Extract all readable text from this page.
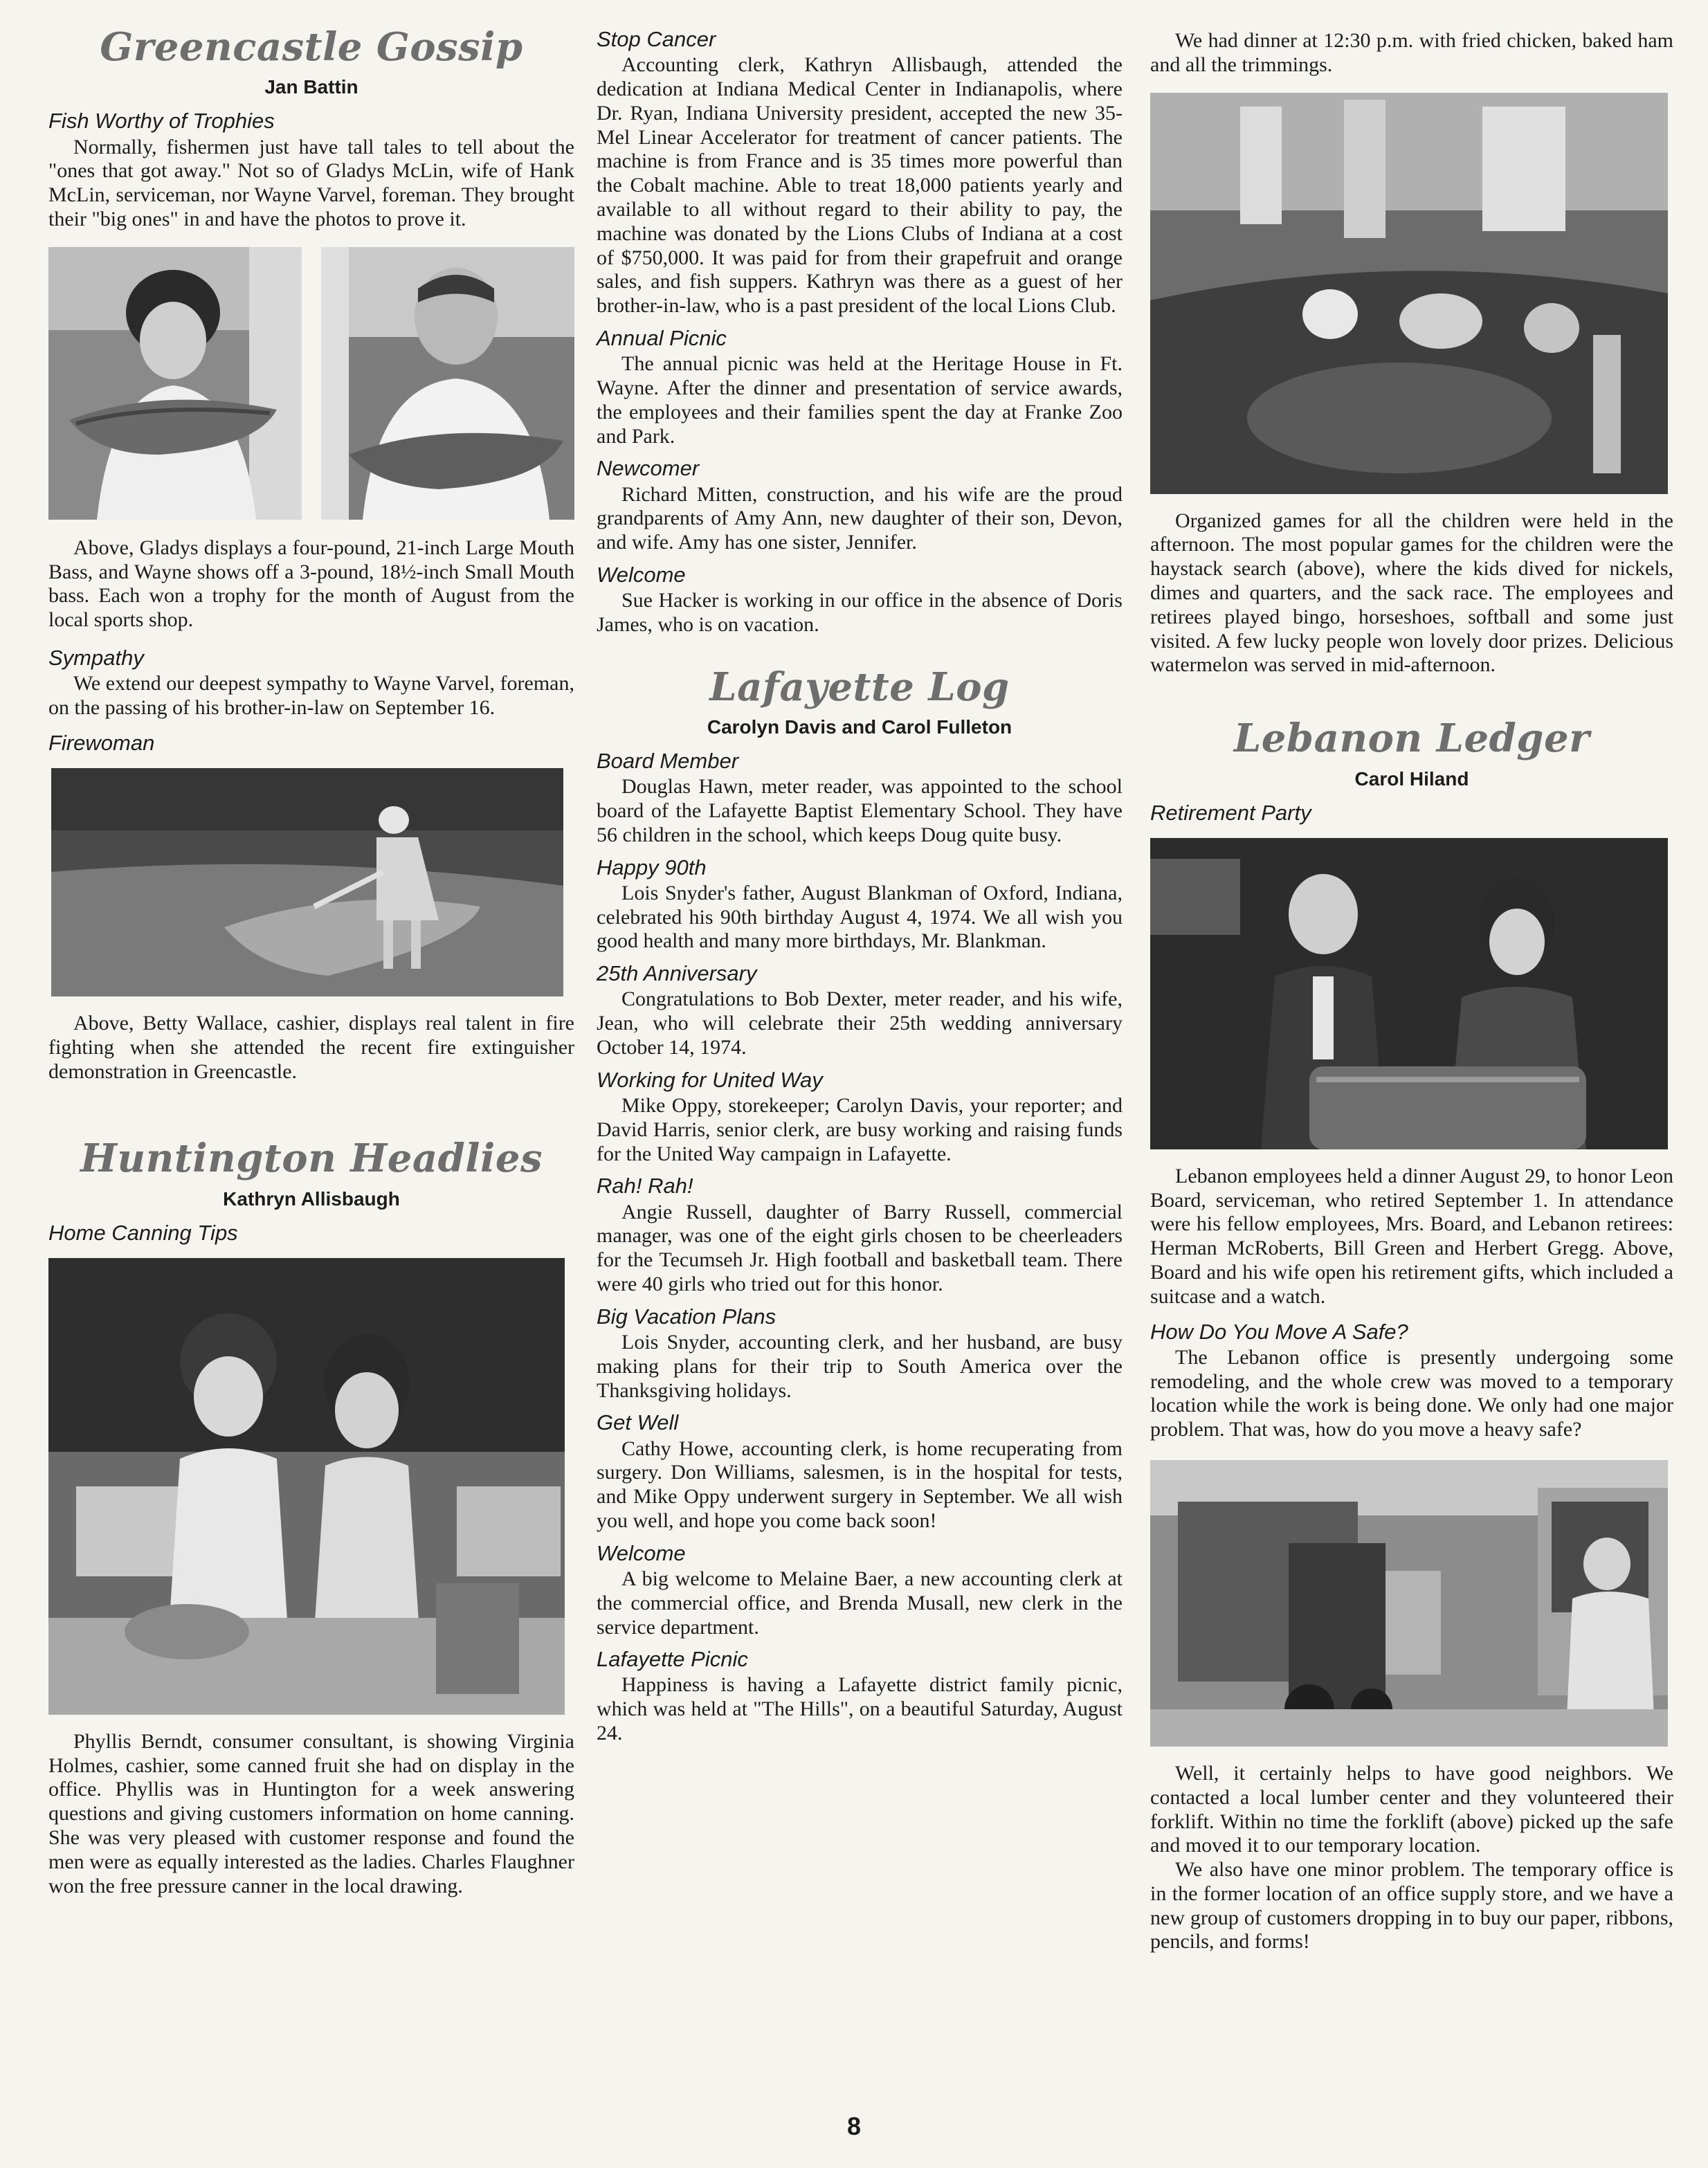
Greencastle Gossip
Jan Battin
Fish Worthy of Trophies

Normally, fishermen just have tall tales to tell about the "ones that got away." Not so of Gladys McLin, wife of Hank McLin, serviceman, nor Wayne Varvel, foreman. They brought their "big ones" in and have the photos to prove it.

Above, Gladys displays a four-pound, 21-inch Large Mouth Bass, and Wayne shows off a 3-pound, 18½-inch Small Mouth bass. Each won a trophy for the month of August from the local sports shop.

Sympathy

We extend our deepest sympathy to Wayne Varvel, foreman, on the passing of his brother-in-law on September 16.

Firewoman

Above, Betty Wallace, cashier, displays real talent in fire fighting when she attended the recent fire extinguisher demonstration in Greencastle.

Huntington Headlies
Kathryn Allisbaugh
Home Canning Tips

Phyllis Berndt, consumer consultant, is showing Virginia Holmes, cashier, some canned fruit she had on display in the office. Phyllis was in Huntington for a week answering questions and giving customers information on home canning. She was very pleased with customer response and found the men were as equally interested as the ladies. Charles Flaughner won the free pressure canner in the local drawing.

Stop Cancer

Accounting clerk, Kathryn Allisbaugh, attended the dedication at Indiana Medical Center in Indianapolis, where Dr. Ryan, Indiana University president, accepted the new 35-Mel Linear Accelerator for treatment of cancer patients. The machine is from France and is 35 times more powerful than the Cobalt machine. Able to treat 18,000 patients yearly and available to all without regard to their ability to pay, the machine was donated by the Lions Clubs of Indiana at a cost of $750,000. It was paid for from their grapefruit and orange sales, and fish suppers. Kathryn was there as a guest of her brother-in-law, who is a past president of the local Lions Club.

Annual Picnic

The annual picnic was held at the Heritage House in Ft. Wayne. After the dinner and presentation of service awards, the employees and their families spent the day at Franke Zoo and Park.

Newcomer

Richard Mitten, construction, and his wife are the proud grandparents of Amy Ann, new daughter of their son, Devon, and wife. Amy has one sister, Jennifer.

Welcome

Sue Hacker is working in our office in the absence of Doris James, who is on vacation.

Lafayette Log
Carolyn Davis and Carol Fulleton
Board Member

Douglas Hawn, meter reader, was appointed to the school board of the Lafayette Baptist Elementary School. They have 56 children in the school, which keeps Doug quite busy.

Happy 90th

Lois Snyder's father, August Blankman of Oxford, Indiana, celebrated his 90th birthday August 4, 1974. We all wish you good health and many more birthdays, Mr. Blankman.

25th Anniversary

Congratulations to Bob Dexter, meter reader, and his wife, Jean, who will celebrate their 25th wedding anniversary October 14, 1974.

Working for United Way

Mike Oppy, storekeeper; Carolyn Davis, your reporter; and David Harris, senior clerk, are busy working and raising funds for the United Way campaign in Lafayette.

Rah! Rah!

Angie Russell, daughter of Barry Russell, commercial manager, was one of the eight girls chosen to be cheerleaders for the Tecumseh Jr. High football and basketball team. There were 40 girls who tried out for this honor.

Big Vacation Plans

Lois Snyder, accounting clerk, and her husband, are busy making plans for their trip to South America over the Thanksgiving holidays.

Get Well

Cathy Howe, accounting clerk, is home recuperating from surgery. Don Williams, salesmen, is in the hospital for tests, and Mike Oppy underwent surgery in September. We all wish you well, and hope you come back soon!

Welcome

A big welcome to Melaine Baer, a new accounting clerk at the commercial office, and Brenda Musall, new clerk in the service department.

Lafayette Picnic

Happiness is having a Lafayette district family picnic, which was held at "The Hills", on a beautiful Saturday, August 24.

We had dinner at 12:30 p.m. with fried chicken, baked ham and all the trimmings.

Organized games for all the children were held in the afternoon. The most popular games for the children were the haystack search (above), where the kids dived for nickels, dimes and quarters, and the sack race. The employees and retirees played bingo, horseshoes, softball and some just visited. A few lucky people won lovely door prizes. Delicious watermelon was served in mid-afternoon.

Lebanon Ledger
Carol Hiland
Retirement Party

Lebanon employees held a dinner August 29, to honor Leon Board, serviceman, who retired September 1. In attendance were his fellow employees, Mrs. Board, and Lebanon retirees: Herman McRoberts, Bill Green and Herbert Gregg. Above, Board and his wife open his retirement gifts, which included a suitcase and a watch.

How Do You Move A Safe?

The Lebanon office is presently undergoing some remodeling, and the whole crew was moved to a temporary location while the work is being done. We only had one major problem. That was, how do you move a heavy safe?

Well, it certainly helps to have good neighbors. We contacted a local lumber center and they volunteered their forklift. Within no time the forklift (above) picked up the safe and moved it to our temporary location.

We also have one minor problem. The temporary office is in the former location of an office supply store, and we have a new group of customers dropping in to buy our paper, ribbons, pencils, and forms!

8
